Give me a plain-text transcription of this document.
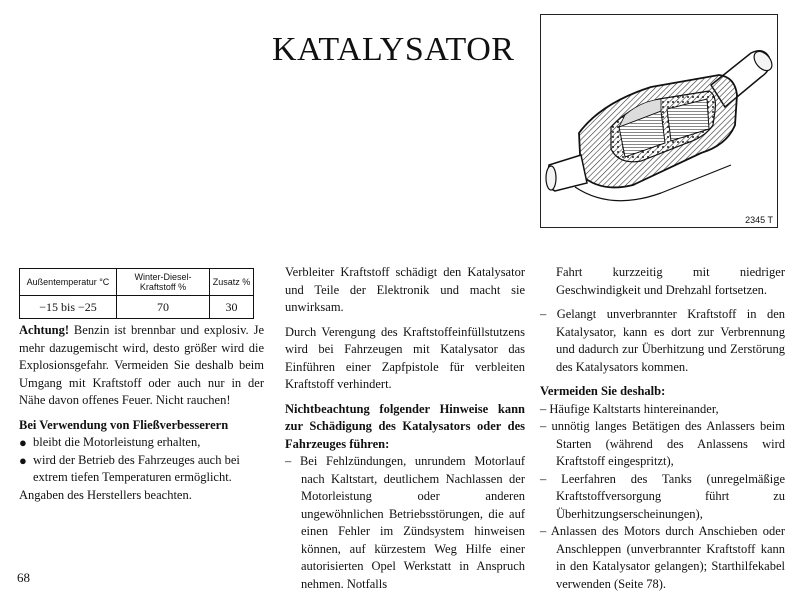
KATALYSATOR
2345 T
Außentemperatur °C	Winter-Diesel-Kraftstoff %	Zusatz %
−15 bis −25	70	30

Achtung! Benzin ist brennbar und explosiv. Je mehr dazugemischt wird, desto größer wird die Explosionsgefahr. Vermeiden Sie deshalb beim Umgang mit Kraftstoff oder auch nur in der Nähe davon offenes Feuer. Nicht rauchen!

Bei Verwendung von Fließverbesserern

● bleibt die Motorleistung erhalten,
● wird der Betrieb des Fahrzeuges auch bei extrem tiefen Temperaturen ermöglicht.

Angaben des Herstellers beachten.

Verbleiter Kraftstoff schädigt den Katalysator und Teile der Elektronik und macht sie unwirksam.

Durch Verengung des Kraftstoffeinfüllstutzens wird bei Fahrzeugen mit Katalysator das Einführen einer Zapfpistole für verbleiten Kraftstoff verhindert.

Nichtbeachtung folgender Hinweise kann zur Schädigung des Katalysators oder des Fahrzeuges führen:

– Bei Fehlzündungen, unrundem Motorlauf nach Kaltstart, deutlichem Nachlassen der Motorleistung oder anderen ungewöhnlichen Betriebsstörungen, die auf einen Fehler im Zündsystem hinweisen können, auf kürzestem Weg Hilfe einer autorisierten Opel Werkstatt in Anspruch nehmen. Notfalls

Fahrt kurzzeitig mit niedriger Geschwindigkeit und Drehzahl fortsetzen.

– Gelangt unverbrannter Kraftstoff in den Katalysator, kann es dort zur Verbrennung und dadurch zur Überhitzung und Zerstörung des Katalysators kommen.

Vermeiden Sie deshalb:

– Häufige Kaltstarts hintereinander,

– unnötig langes Betätigen des Anlassers beim Starten (während des Anlassens wird Kraftstoff eingespritzt),

– Leerfahren des Tanks (unregelmäßige Kraftstoffversorgung führt zu Überhitzungserscheinungen),

– Anlassen des Motors durch Anschieben oder Anschleppen (unverbrannter Kraftstoff kann in den Katalysator gelangen); Starthilfekabel verwenden (Seite 78).

68
